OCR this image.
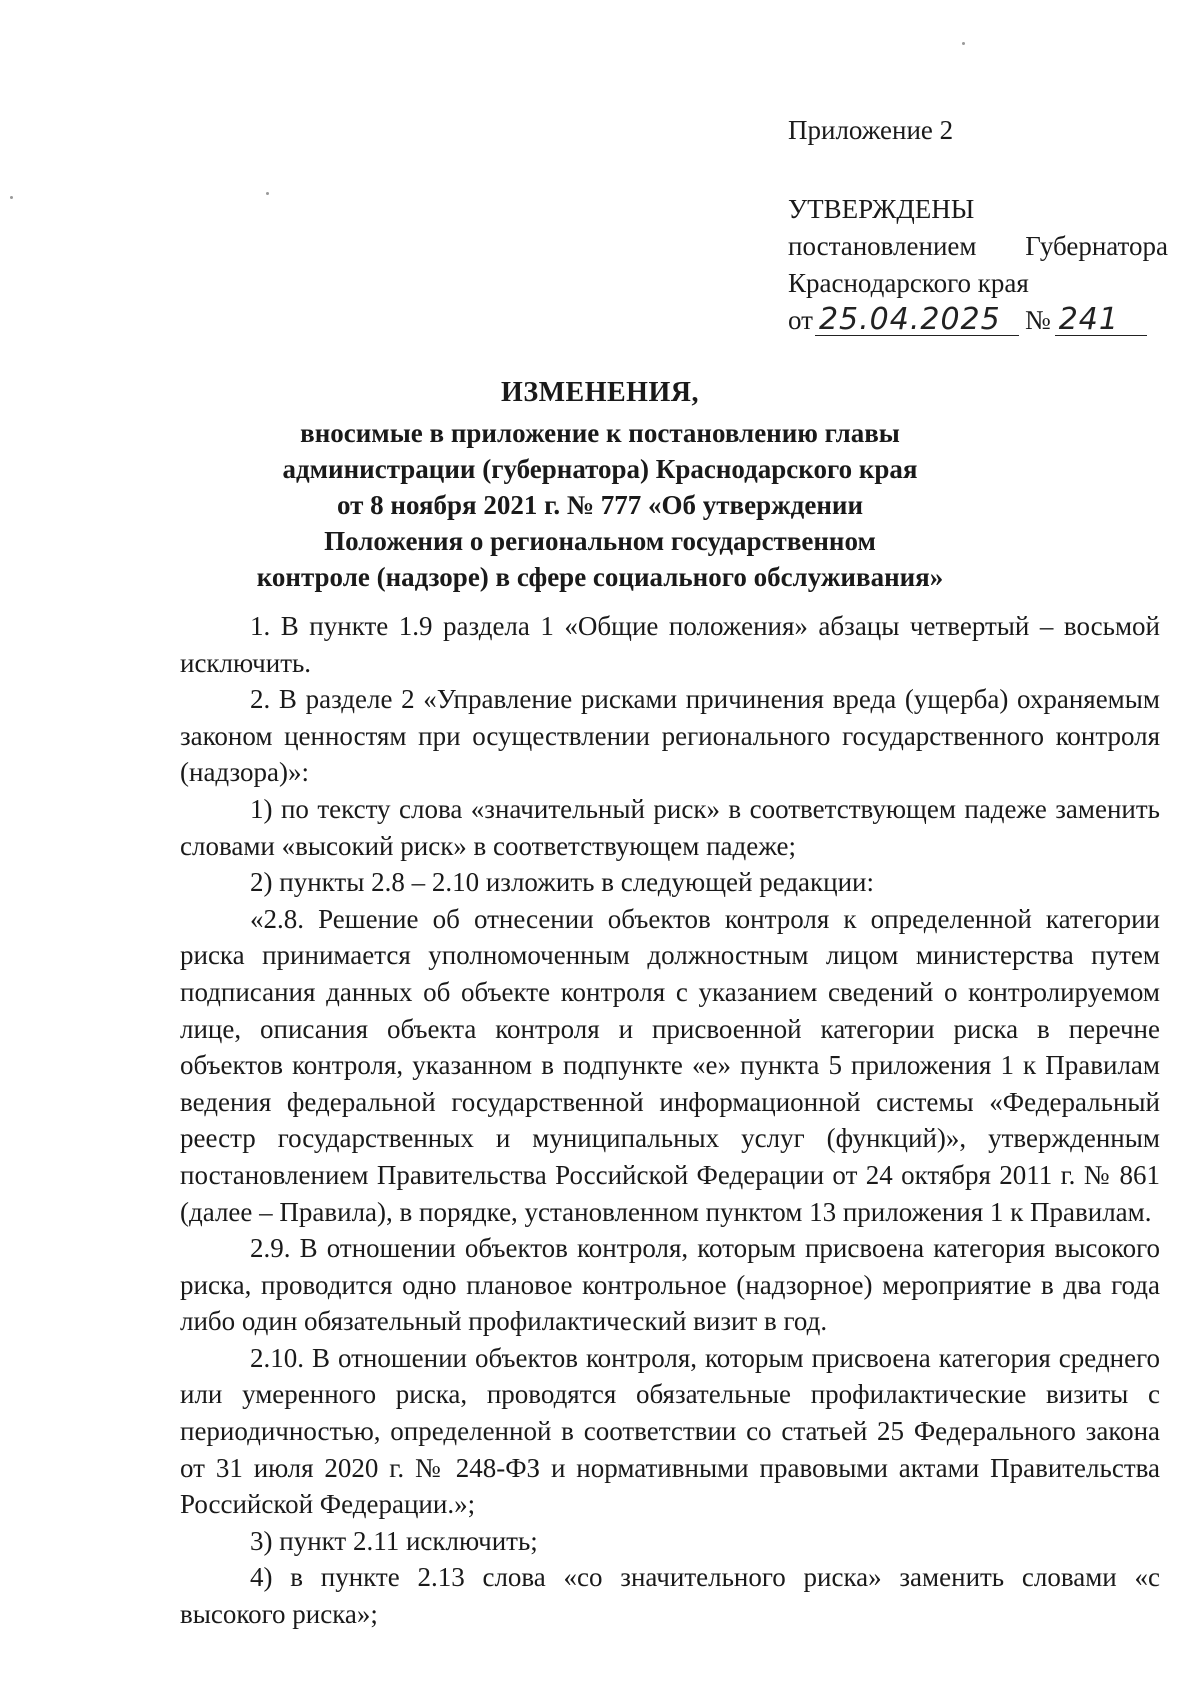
Приложение 2
УТВЕРЖДЕНЫ
постановлением Губернатора
Краснодарского края
от 25.04.2025 № 241
ИЗМЕНЕНИЯ,
вносимые в приложение к постановлению главы
администрации (губернатора) Краснодарского края
от 8 ноября 2021 г. № 777 «Об утверждении
Положения о региональном государственном
контроле (надзоре) в сфере социального обслуживания»

1. В пункте 1.9 раздела 1 «Общие положения» абзацы четвертый – восьмой исключить.

2. В разделе 2 «Управление рисками причинения вреда (ущерба) охраняемым законом ценностям при осуществлении регионального государственного контроля (надзора)»:

1) по тексту слова «значительный риск» в соответствующем падеже заменить словами «высокий риск» в соответствующем падеже;

2) пункты 2.8 – 2.10 изложить в следующей редакции:

«2.8. Решение об отнесении объектов контроля к определенной категории риска принимается уполномоченным должностным лицом министерства путем подписания данных об объекте контроля с указанием сведений о контролируемом лице, описания объекта контроля и присвоенной категории риска в перечне объектов контроля, указанном в подпункте «е» пункта 5 приложения 1 к Правилам ведения федеральной государственной информационной системы «Федеральный реестр государственных и муниципальных услуг (функций)», утвержденным постановлением Правительства Российской Федерации от 24 октября 2011 г. № 861 (далее – Правила), в порядке, установленном пунктом 13 приложения 1 к Правилам.

2.9. В отношении объектов контроля, которым присвоена категория высокого риска, проводится одно плановое контрольное (надзорное) мероприятие в два года либо один обязательный профилактический визит в год.

2.10. В отношении объектов контроля, которым присвоена категория среднего или умеренного риска, проводятся обязательные профилактические визиты с периодичностью, определенной в соответствии со статьей 25 Федерального закона от 31 июля 2020 г. № 248-ФЗ и нормативными правовыми актами Правительства Российской Федерации.»;

3) пункт 2.11 исключить;

4) в пункте 2.13 слова «со значительного риска» заменить словами «с высокого риска»;
